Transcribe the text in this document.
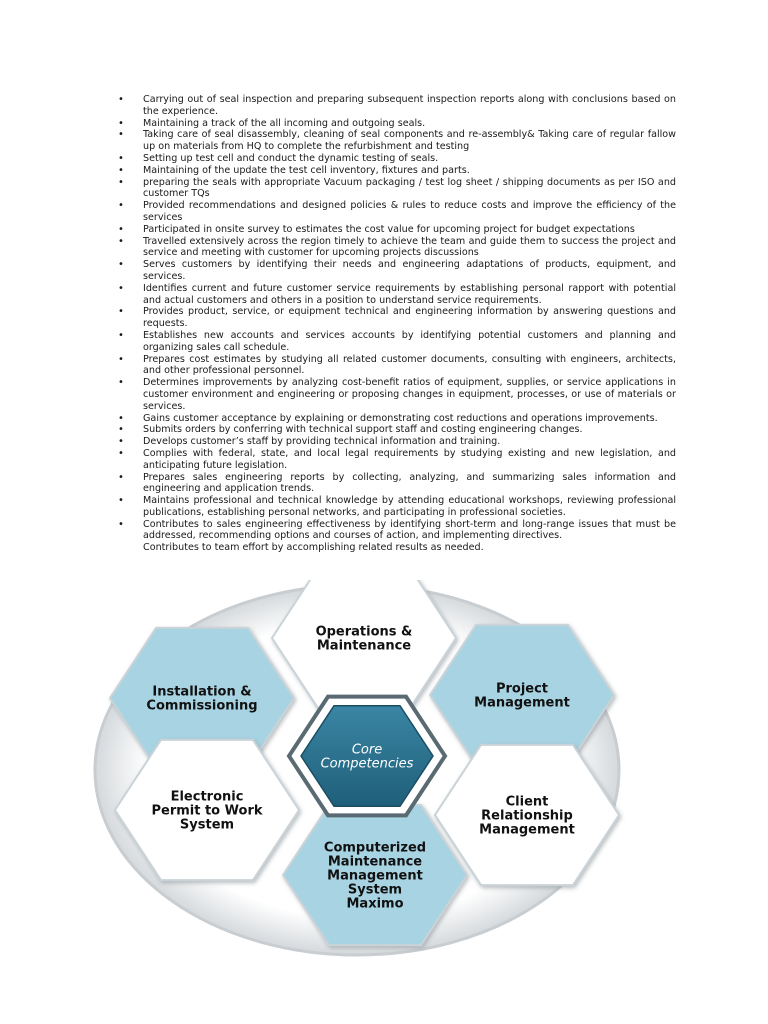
• Carrying out of seal inspection and preparing subsequent inspection reports along with conclusions based on the experience.
• Maintaining a track of the all incoming and outgoing seals.
• Taking care of seal disassembly, cleaning of seal components and re-assembly& Taking care of regular fallow up on materials from HQ to complete the refurbishment and testing
• Setting up test cell and conduct the dynamic testing of seals.
• Maintaining of the update the test cell inventory, fixtures and parts.
• preparing the seals with appropriate Vacuum packaging / test log sheet / shipping documents as per ISO and customer TQs
• Provided recommendations and designed policies & rules to reduce costs and improve the efficiency of the services
• Participated in onsite survey to estimates the cost value for upcoming project for budget expectations
• Travelled extensively across the region timely to achieve the team and guide them to success the project and service and meeting with customer for upcoming projects discussions
• Serves customers by identifying their needs and engineering adaptations of products, equipment, and services.
• Identifies current and future customer service requirements by establishing personal rapport with potential and actual customers and others in a position to understand service requirements.
• Provides product, service, or equipment technical and engineering information by answering questions and requests.
• Establishes new accounts and services accounts by identifying potential customers and planning and organizing sales call schedule.
• Prepares cost estimates by studying all related customer documents, consulting with engineers, architects, and other professional personnel.
• Determines improvements by analyzing cost-benefit ratios of equipment, supplies, or service applications in customer environment and engineering or proposing changes in equipment, processes, or use of materials or services.
• Gains customer acceptance by explaining or demonstrating cost reductions and operations improvements.
• Submits orders by conferring with technical support staff and costing engineering changes.
• Develops customer’s staff by providing technical information and training.
• Complies with federal, state, and local legal requirements by studying existing and new legislation, and anticipating future legislation.
• Prepares sales engineering reports by collecting, analyzing, and summarizing sales information and engineering and application trends.
• Maintains professional and technical knowledge by attending educational workshops, reviewing professional publications, establishing personal networks, and participating in professional societies.
• Contributes to sales engineering effectiveness by identifying short-term and long-range issues that must be addressed, recommending options and courses of action, and implementing directives.
Contributes to team effort by accomplishing related results as needed.
Operations &
Maintenance
Installation &
Commissioning
Project
Management
Electronic
Permit to Work
System
Client
Relationship
Management
Computerized
Maintenance
Management
System
Maximo
Core
Competencies
